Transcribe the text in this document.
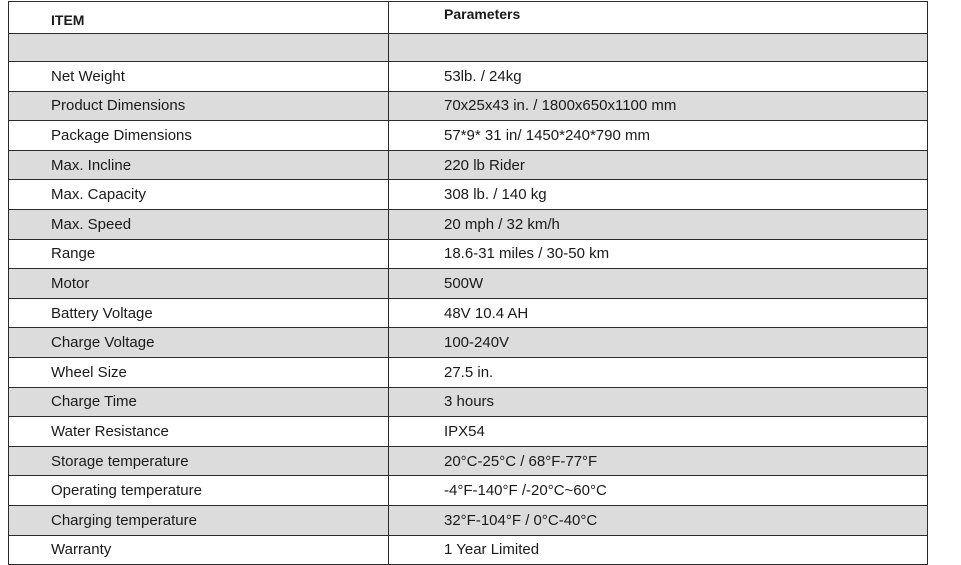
ITEM	Parameters

Net Weight	53lb. / 24kg
Product Dimensions	70x25x43 in. / 1800x650x1100 mm
Package Dimensions	57*9* 31 in/ 1450*240*790 mm
Max. Incline	220 lb Rider
Max. Capacity	308 lb. / 140 kg
Max. Speed	20 mph / 32 km/h
Range	18.6-31 miles / 30-50 km
Motor	500W
Battery Voltage	48V 10.4 AH
Charge Voltage	100-240V
Wheel Size	27.5 in.
Charge Time	3 hours
Water Resistance	IPX54
Storage temperature	20°C-25°C / 68°F-77°F
Operating temperature	-4°F-140°F /-20°C~60°C
Charging temperature	32°F-104°F / 0°C-40°C
Warranty	1 Year Limited
